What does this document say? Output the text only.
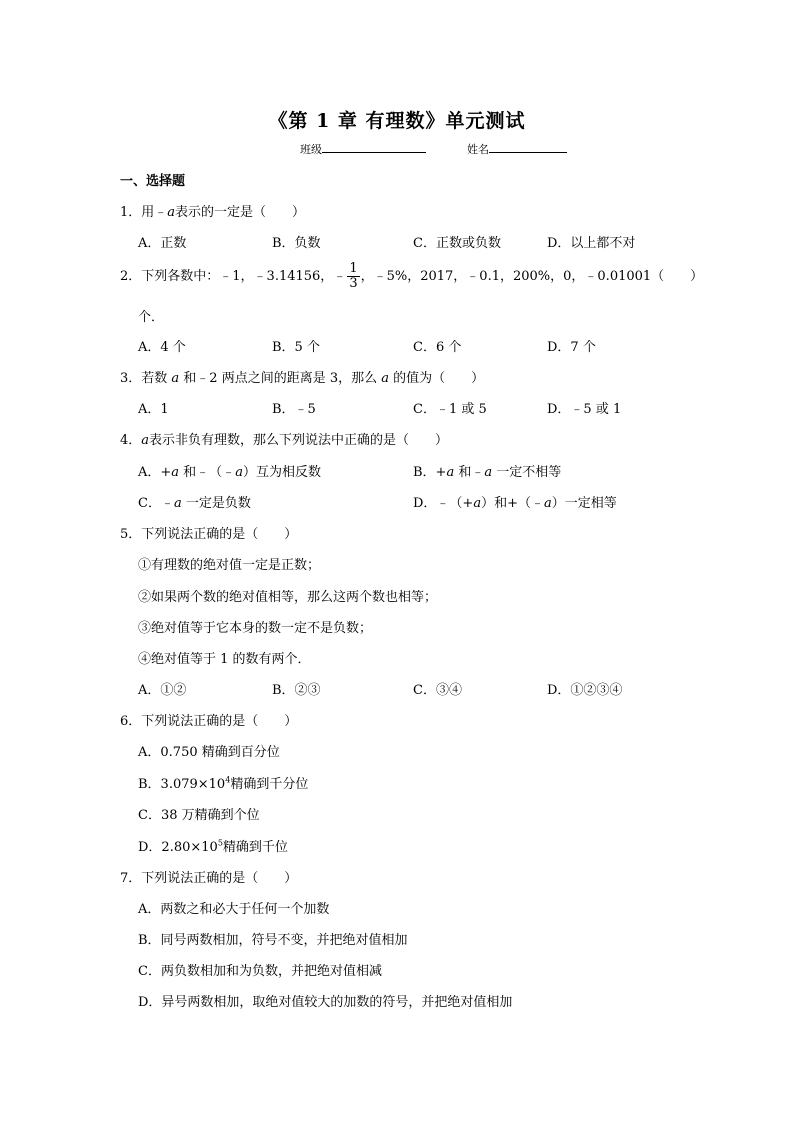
《第 1 章 有理数》单元测试
班级	姓名
一、选择题
1．用﹣a表示的一定是（　　）
A．正数	B．负数	C．正数或负数	D．以上都不对
2．下列各数中：﹣1，﹣3.14156，﹣ $\frac{1}{3}$ ，﹣5%，2017，﹣0.1，200%，0，﹣0.01001（　　）
个．
A．4 个	B．5 个	C．6 个	D．7 个
3．若数 a 和﹣2 两点之间的距离是 3，那么 a 的值为（　　）
A．1	B．﹣5	C．﹣1 或 5	D．﹣5 或 1
4．a表示非负有理数，那么下列说法中正确的是（　　）
A．+a 和﹣（﹣a）互为相反数	B．+a 和﹣a 一定不相等
C．﹣a 一定是负数	D．﹣（+a）和+（﹣a）一定相等
5．下列说法正确的是（　　）
①有理数的绝对值一定是正数；
②如果两个数的绝对值相等，那么这两个数也相等；
③绝对值等于它本身的数一定不是负数；
④绝对值等于 1 的数有两个．
A．①②	B．②③	C．③④	D．①②③④
6．下列说法正确的是（　　）
A．0.750 精确到百分位
B．$3.079\times 10^4$精确到千分位
C．38 万精确到个位
D．$2.80\times 10^5$精确到千位
7．下列说法正确的是（　　）
A．两数之和必大于任何一个加数
B．同号两数相加，符号不变，并把绝对值相加
C．两负数相加和为负数，并把绝对值相减
D．异号两数相加，取绝对值较大的加数的符号，并把绝对值相加
